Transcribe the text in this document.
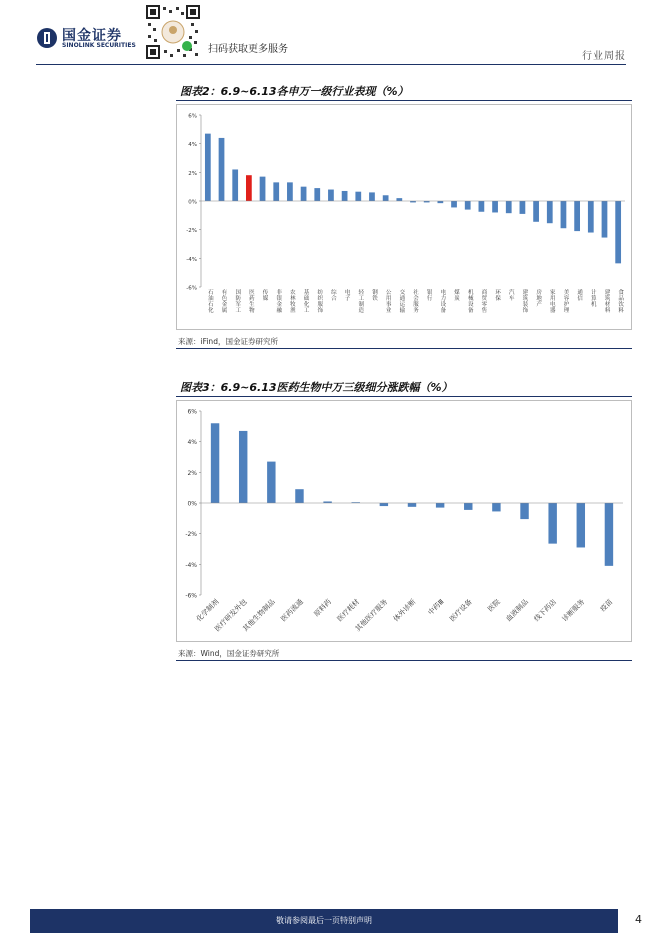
国金证券
SINOLINK SECURITIES	扫码获取更多服务
行业周报
图表2：6.9~6.13各申万一级行业表现（%）
6%
4%
2%
0%
-2%
-4%
-6%
石油石化 有色金属 国防军工 医药生物 传媒 非银金融 农林牧渔 基础化工 纺织服饰 综合 电子 轻工制造 钢铁 公用事业 交通运输 社会服务 银行 电力设备 煤炭 机械设备 商贸零售 环保 汽车 建筑装饰 房地产 家用电器 美容护理 通信 计算机 建筑材料 食品饮料
来源：iFind，国金证券研究所
图表3：6.9~6.13医药生物中万三级细分涨跌幅（%）
6%
4%
2%
0%
-2%
-4%
-6%
化学制剂
医疗研发外包
其他生物制品 医药流通 原料药 医疗耗材
其他医疗服务 体外诊断 中药Ⅲ 医疗设备 医院 血液制品 线下药店 诊断服务 疫苗
来源：Wind，国金证券研究所
敬请参阅最后一页特别声明	4
